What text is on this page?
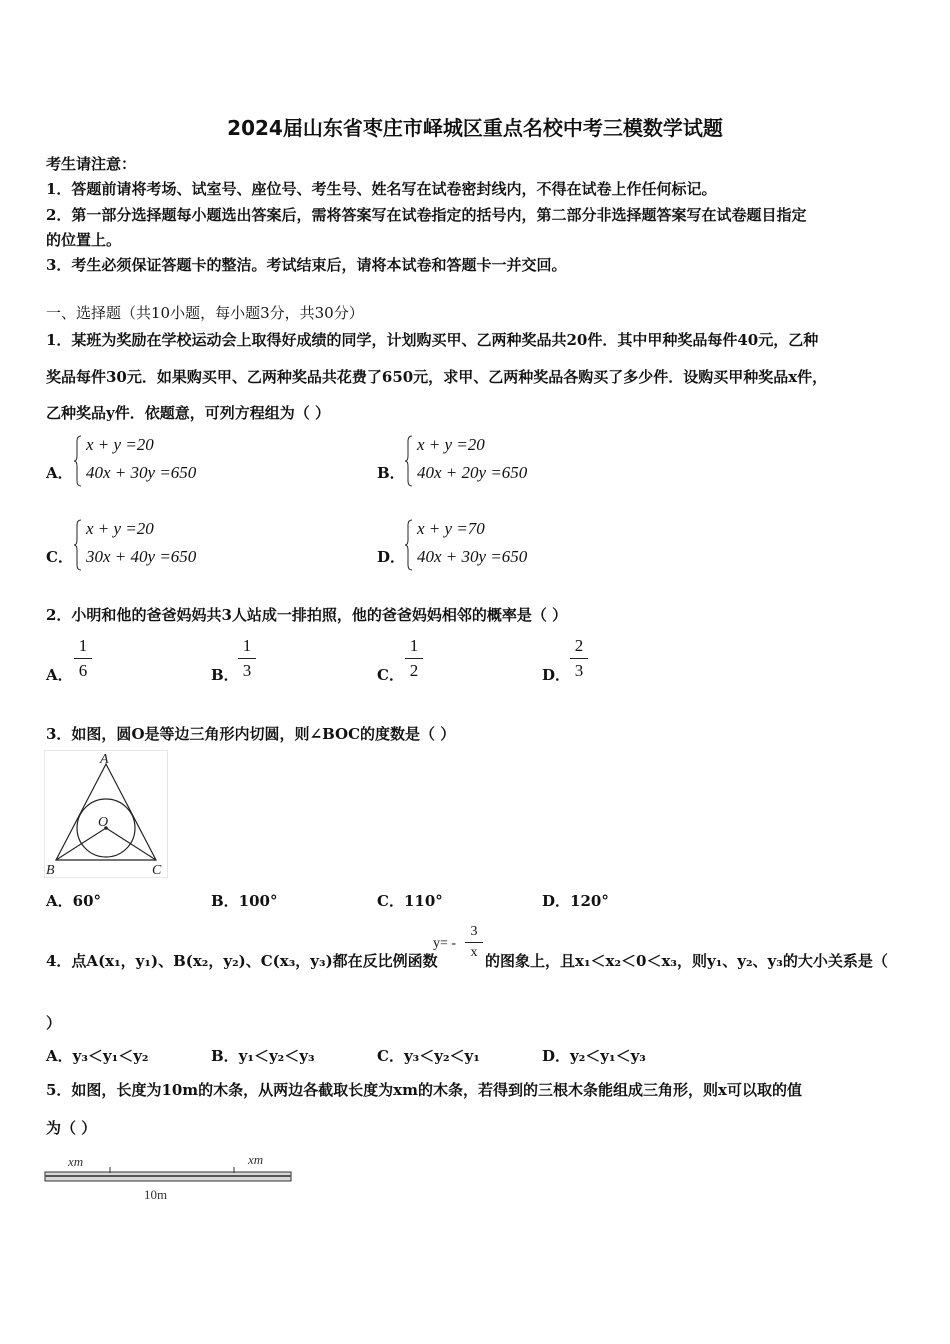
2024届山东省枣庄市峄城区重点名校中考三模数学试题
考生请注意：
1．答题前请将考场、试室号、座位号、考生号、姓名写在试卷密封线内，不得在试卷上作任何标记。
2．第一部分选择题每小题选出答案后，需将答案写在试卷指定的括号内，第二部分非选择题答案写在试卷题目指定
的位置上。
3．考生必须保证答题卡的整洁。考试结束后，请将本试卷和答题卡一并交回。
一、选择题（共10小题，每小题3分，共30分）
1．某班为奖励在学校运动会上取得好成绩的同学，计划购买甲、乙两种奖品共20件．其中甲种奖品每件40元，乙种
奖品每件30元．如果购买甲、乙两种奖品共花费了650元，求甲、乙两种奖品各购买了多少件．设购买甲种奖品x件，
乙种奖品y件．依题意，可列方程组为（ ）
A．
x + y =20
40x + 30y =650	B．
x + y =20
40x + 20y =650
C．
x + y =20
30x + 40y =650	D．
x + y =70
40x + 30y =650
2．小明和他的爸爸妈妈共3人站成一排拍照，他的爸爸妈妈相邻的概率是（ ）
A．
1
6	B．
1
3	C．
1
2	D．
2
3
3．如图，圆O是等边三角形内切圆，则∠BOC的度数是（ ）
A
B	C
O
A．60°	B．100°	C．110°	D．120°
4．点A(x₁，y₁)、B(x₂，y₂)、C(x₃，y₃)都在反比例函数
y= -
3
x 的图象上，且x₁＜x₂＜0＜x₃，则y₁、y₂、y₃的大小关系是（
）
A．y₃＜y₁＜y₂	B．y₁＜y₂＜y₃	C．y₃＜y₂＜y₁	D．y₂＜y₁＜y₃
5．如图，长度为10m的木条，从两边各截取长度为xm的木条，若得到的三根木条能组成三角形，则x可以取的值
为（ ）
xm	xm
10m
